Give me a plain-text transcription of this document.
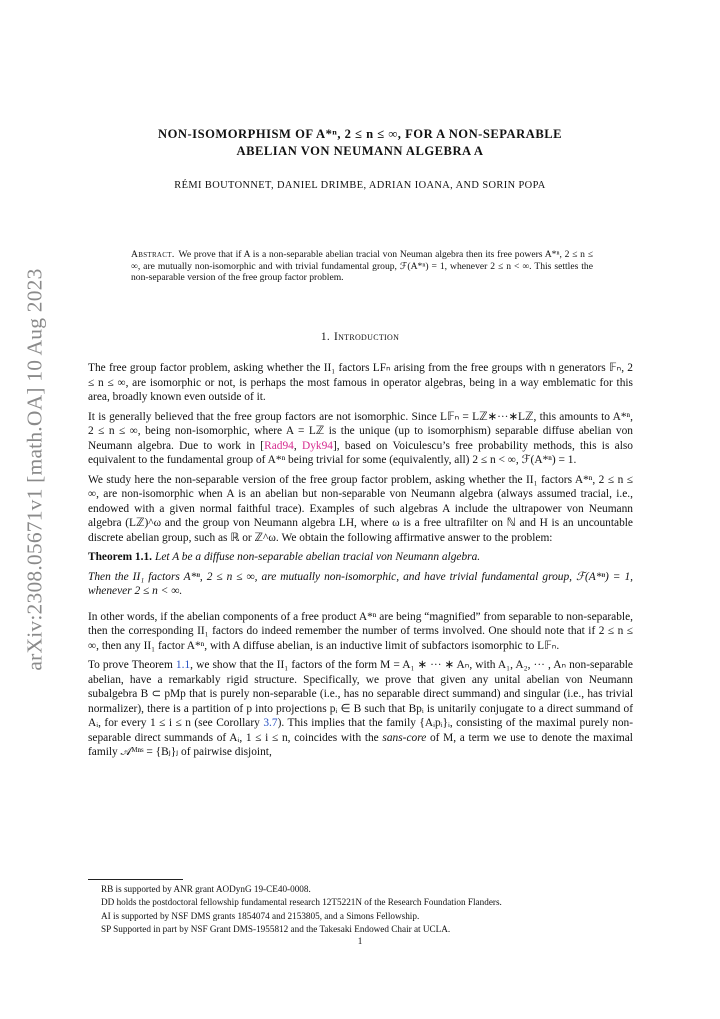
arXiv:2308.05671v1 [math.OA] 10 Aug 2023
NON-ISOMORPHISM OF A*ⁿ, 2 ≤ n ≤ ∞, FOR A NON-SEPARABLE
ABELIAN VON NEUMANN ALGEBRA A
RÉMI BOUTONNET, DANIEL DRIMBE, ADRIAN IOANA, AND SORIN POPA
Abstract. We prove that if A is a non-separable abelian tracial von Neuman algebra then its free powers A*ⁿ, 2 ≤ n ≤ ∞, are mutually non-isomorphic and with trivial fundamental group, ℱ(A*ⁿ) = 1, whenever 2 ≤ n < ∞. This settles the non-separable version of the free group factor problem.
1. Introduction

The free group factor problem, asking whether the II₁ factors LFₙ arising from the free groups with n generators 𝔽ₙ, 2 ≤ n ≤ ∞, are isomorphic or not, is perhaps the most famous in operator algebras, being in a way emblematic for this area, broadly known even outside of it.

It is generally believed that the free group factors are not isomorphic. Since L𝔽ₙ = Lℤ∗···∗Lℤ, this amounts to A*ⁿ, 2 ≤ n ≤ ∞, being non-isomorphic, where A = Lℤ is the unique (up to isomorphism) separable diffuse abelian von Neumann algebra. Due to work in [Rad94, Dyk94], based on Voiculescu’s free probability methods, this is also equivalent to the fundamental group of A*ⁿ being trivial for some (equivalently, all) 2 ≤ n < ∞, ℱ(A*ⁿ) = 1.

We study here the non-separable version of the free group factor problem, asking whether the II₁ factors A*ⁿ, 2 ≤ n ≤ ∞, are non-isomorphic when A is an abelian but non-separable von Neumann algebra (always assumed tracial, i.e., endowed with a given normal faithful trace). Examples of such algebras A include the ultrapower von Neumann algebra (Lℤ)^ω and the group von Neumann algebra LH, where ω is a free ultrafilter on ℕ and H is an uncountable discrete abelian group, such as ℝ or ℤ^ω. We obtain the following affirmative answer to the problem:

Theorem 1.1. Let A be a diffuse non-separable abelian tracial von Neumann algebra.

Then the II₁ factors A*ⁿ, 2 ≤ n ≤ ∞, are mutually non-isomorphic, and have trivial fundamental group, ℱ(A*ⁿ) = 1, whenever 2 ≤ n < ∞.

In other words, if the abelian components of a free product A*ⁿ are being “magnified” from separable to non-separable, then the corresponding II₁ factors do indeed remember the number of terms involved. One should note that if 2 ≤ n ≤ ∞, then any II₁ factor A*ⁿ, with A diffuse abelian, is an inductive limit of subfactors isomorphic to L𝔽ₙ.

To prove Theorem 1.1, we show that the II₁ factors of the form M = A₁ ∗ ··· ∗ Aₙ, with A₁, A₂, ··· , Aₙ non-separable abelian, have a remarkably rigid structure. Specifically, we prove that given any unital abelian von Neumann subalgebra B ⊂ pMp that is purely non-separable (i.e., has no separable direct summand) and singular (i.e., has trivial normalizer), there is a partition of p into projections pᵢ ∈ B such that Bpᵢ is unitarily conjugate to a direct summand of Aᵢ, for every 1 ≤ i ≤ n (see Corollary 3.7). This implies that the family {Aᵢpᵢ}ᵢ, consisting of the maximal purely non-separable direct summands of Aᵢ, 1 ≤ i ≤ n, coincides with the sans-core of M, a term we use to denote the maximal family 𝒜ᴹⁿˢ = {Bⱼ}ⱼ of pairwise disjoint,

RB is supported by ANR grant AODynG 19-CE40-0008.
DD holds the postdoctoral fellowship fundamental research 12T5221N of the Research Foundation Flanders.
AI is supported by NSF DMS grants 1854074 and 2153805, and a Simons Fellowship.
SP Supported in part by NSF Grant DMS-1955812 and the Takesaki Endowed Chair at UCLA.
1
